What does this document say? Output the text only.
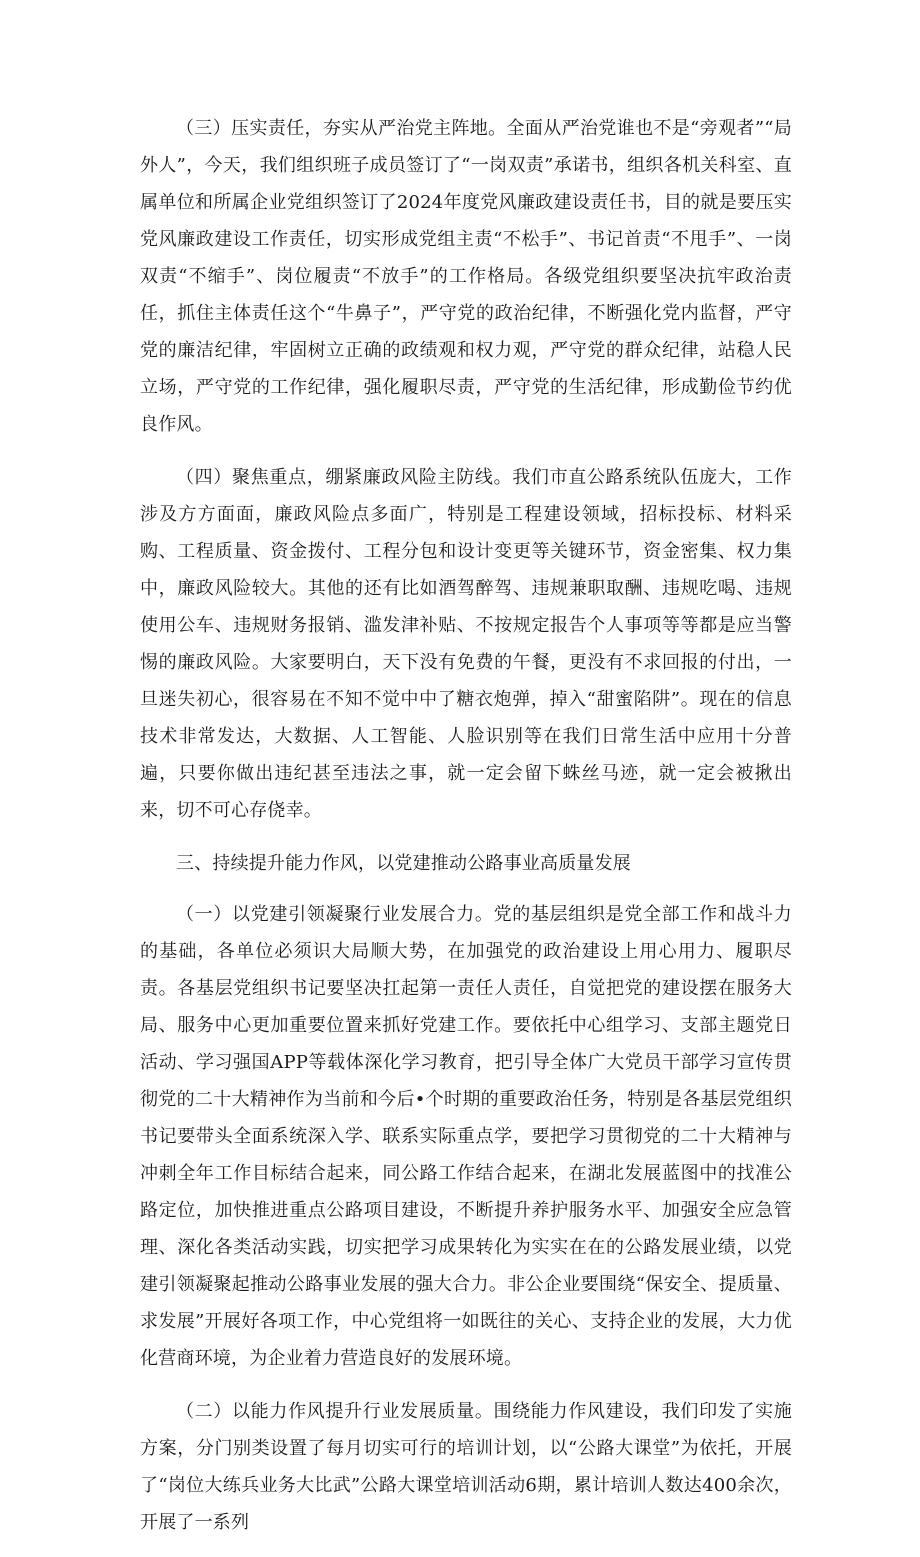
（三）压实责任，夯实从严治党主阵地。全面从严治党谁也不是“旁观者”“局外人”，今天，我们组织班子成员签订了“一岗双责”承诺书，组织各机关科室、直属单位和所属企业党组织签订了2024年度党风廉政建设责任书，目的就是要压实党风廉政建设工作责任，切实形成党组主责“不松手”、书记首责“不甩手”、一岗双责“不缩手”、岗位履责“不放手”的工作格局。各级党组织要坚决抗牢政治责任，抓住主体责任这个“牛鼻子”，严守党的政治纪律，不断强化党内监督，严守党的廉洁纪律，牢固树立正确的政绩观和权力观，严守党的群众纪律，站稳人民立场，严守党的工作纪律，强化履职尽责，严守党的生活纪律，形成勤俭节约优良作风。

（四）聚焦重点，绷紧廉政风险主防线。我们市直公路系统队伍庞大，工作涉及方方面面，廉政风险点多面广，特别是工程建设领域，招标投标、材料采购、工程质量、资金拨付、工程分包和设计变更等关键环节，资金密集、权力集中，廉政风险较大。其他的还有比如酒驾醉驾、违规兼职取酬、违规吃喝、违规使用公车、违规财务报销、滥发津补贴、不按规定报告个人事项等等都是应当警惕的廉政风险。大家要明白，天下没有免费的午餐，更没有不求回报的付出，一旦迷失初心，很容易在不知不觉中中了糖衣炮弹，掉入“甜蜜陷阱”。现在的信息技术非常发达，大数据、人工智能、人脸识别等在我们日常生活中应用十分普遍，只要你做出违纪甚至违法之事，就一定会留下蛛丝马迹，就一定会被揪出来，切不可心存侥幸。

三、持续提升能力作风，以党建推动公路事业高质量发展

（一）以党建引领凝聚行业发展合力。党的基层组织是党全部工作和战斗力的基础，各单位必须识大局顺大势，在加强党的政治建设上用心用力、履职尽责。各基层党组织书记要坚决扛起第一责任人责任，自觉把党的建设摆在服务大局、服务中心更加重要位置来抓好党建工作。要依托中心组学习、支部主题党日活动、学习强国APP等载体深化学习教育，把引导全体广大党员干部学习宣传贯彻党的二十大精神作为当前和今后•个时期的重要政治任务，特别是各基层党组织书记要带头全面系统深入学、联系实际重点学，要把学习贯彻党的二十大精神与冲刺全年工作目标结合起来，同公路工作结合起来，在湖北发展蓝图中的找准公路定位，加快推进重点公路项目建设，不断提升养护服务水平、加强安全应急管理、深化各类活动实践，切实把学习成果转化为实实在在的公路发展业绩，以党建引领凝聚起推动公路事业发展的强大合力。非公企业要围绕“保安全、提质量、求发展”开展好各项工作，中心党组将一如既往的关心、支持企业的发展，大力优化营商环境，为企业着力营造良好的发展环境。

（二）以能力作风提升行业发展质量。围绕能力作风建设，我们印发了实施方案，分门别类设置了每月切实可行的培训计划，以“公路大课堂”为依托，开展了“岗位大练兵业务大比武”公路大课堂培训活动6期，累计培训人数达400余次，开展了一系列
